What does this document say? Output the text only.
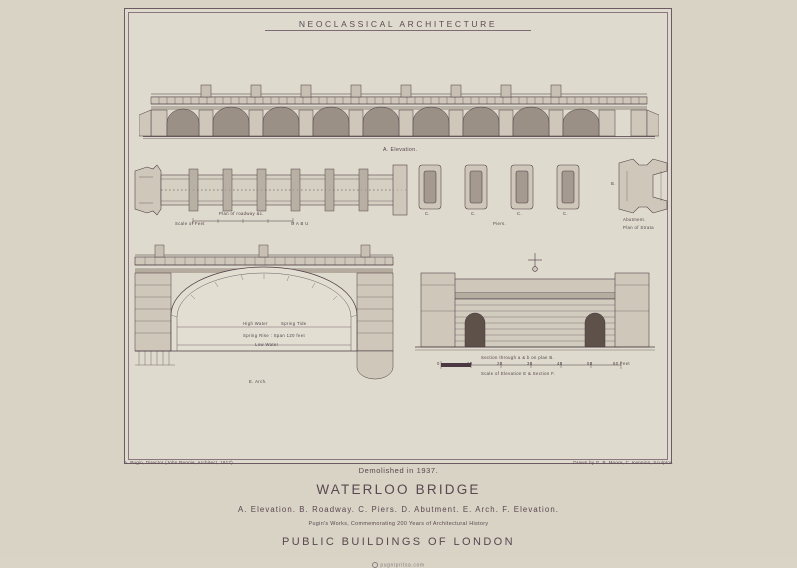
NEOCLASSICAL ARCHITECTURE
A. Elevation.
Plan of roadway &c.
Scale of Feet	O A B U
C.	C.	C.	C.
Piers.
B.
Abutment.
Plan of Strata
High Water	Spring Tide
Spring Rise : Span 120 feet
Low Water
E. Arch.
Section through a & b on plan B.
Scale of Elevation E & Section F.
0	10	20	30	40	50	60 Feet
A. Pugin, Director (John Rennie, Architect, 1817)	Drawn by G. B. Moore, C. Kennion, Sculptor.

Demolished in 1937.

WATERLOO BRIDGE

A. Elevation. B. Roadway. C. Piers. D. Abutment. E. Arch. F. Elevation.

Pugin's Works, Commemorating 200 Years of Architectural History

PUBLIC BUILDINGS OF LONDON

pugnipritsa.com
